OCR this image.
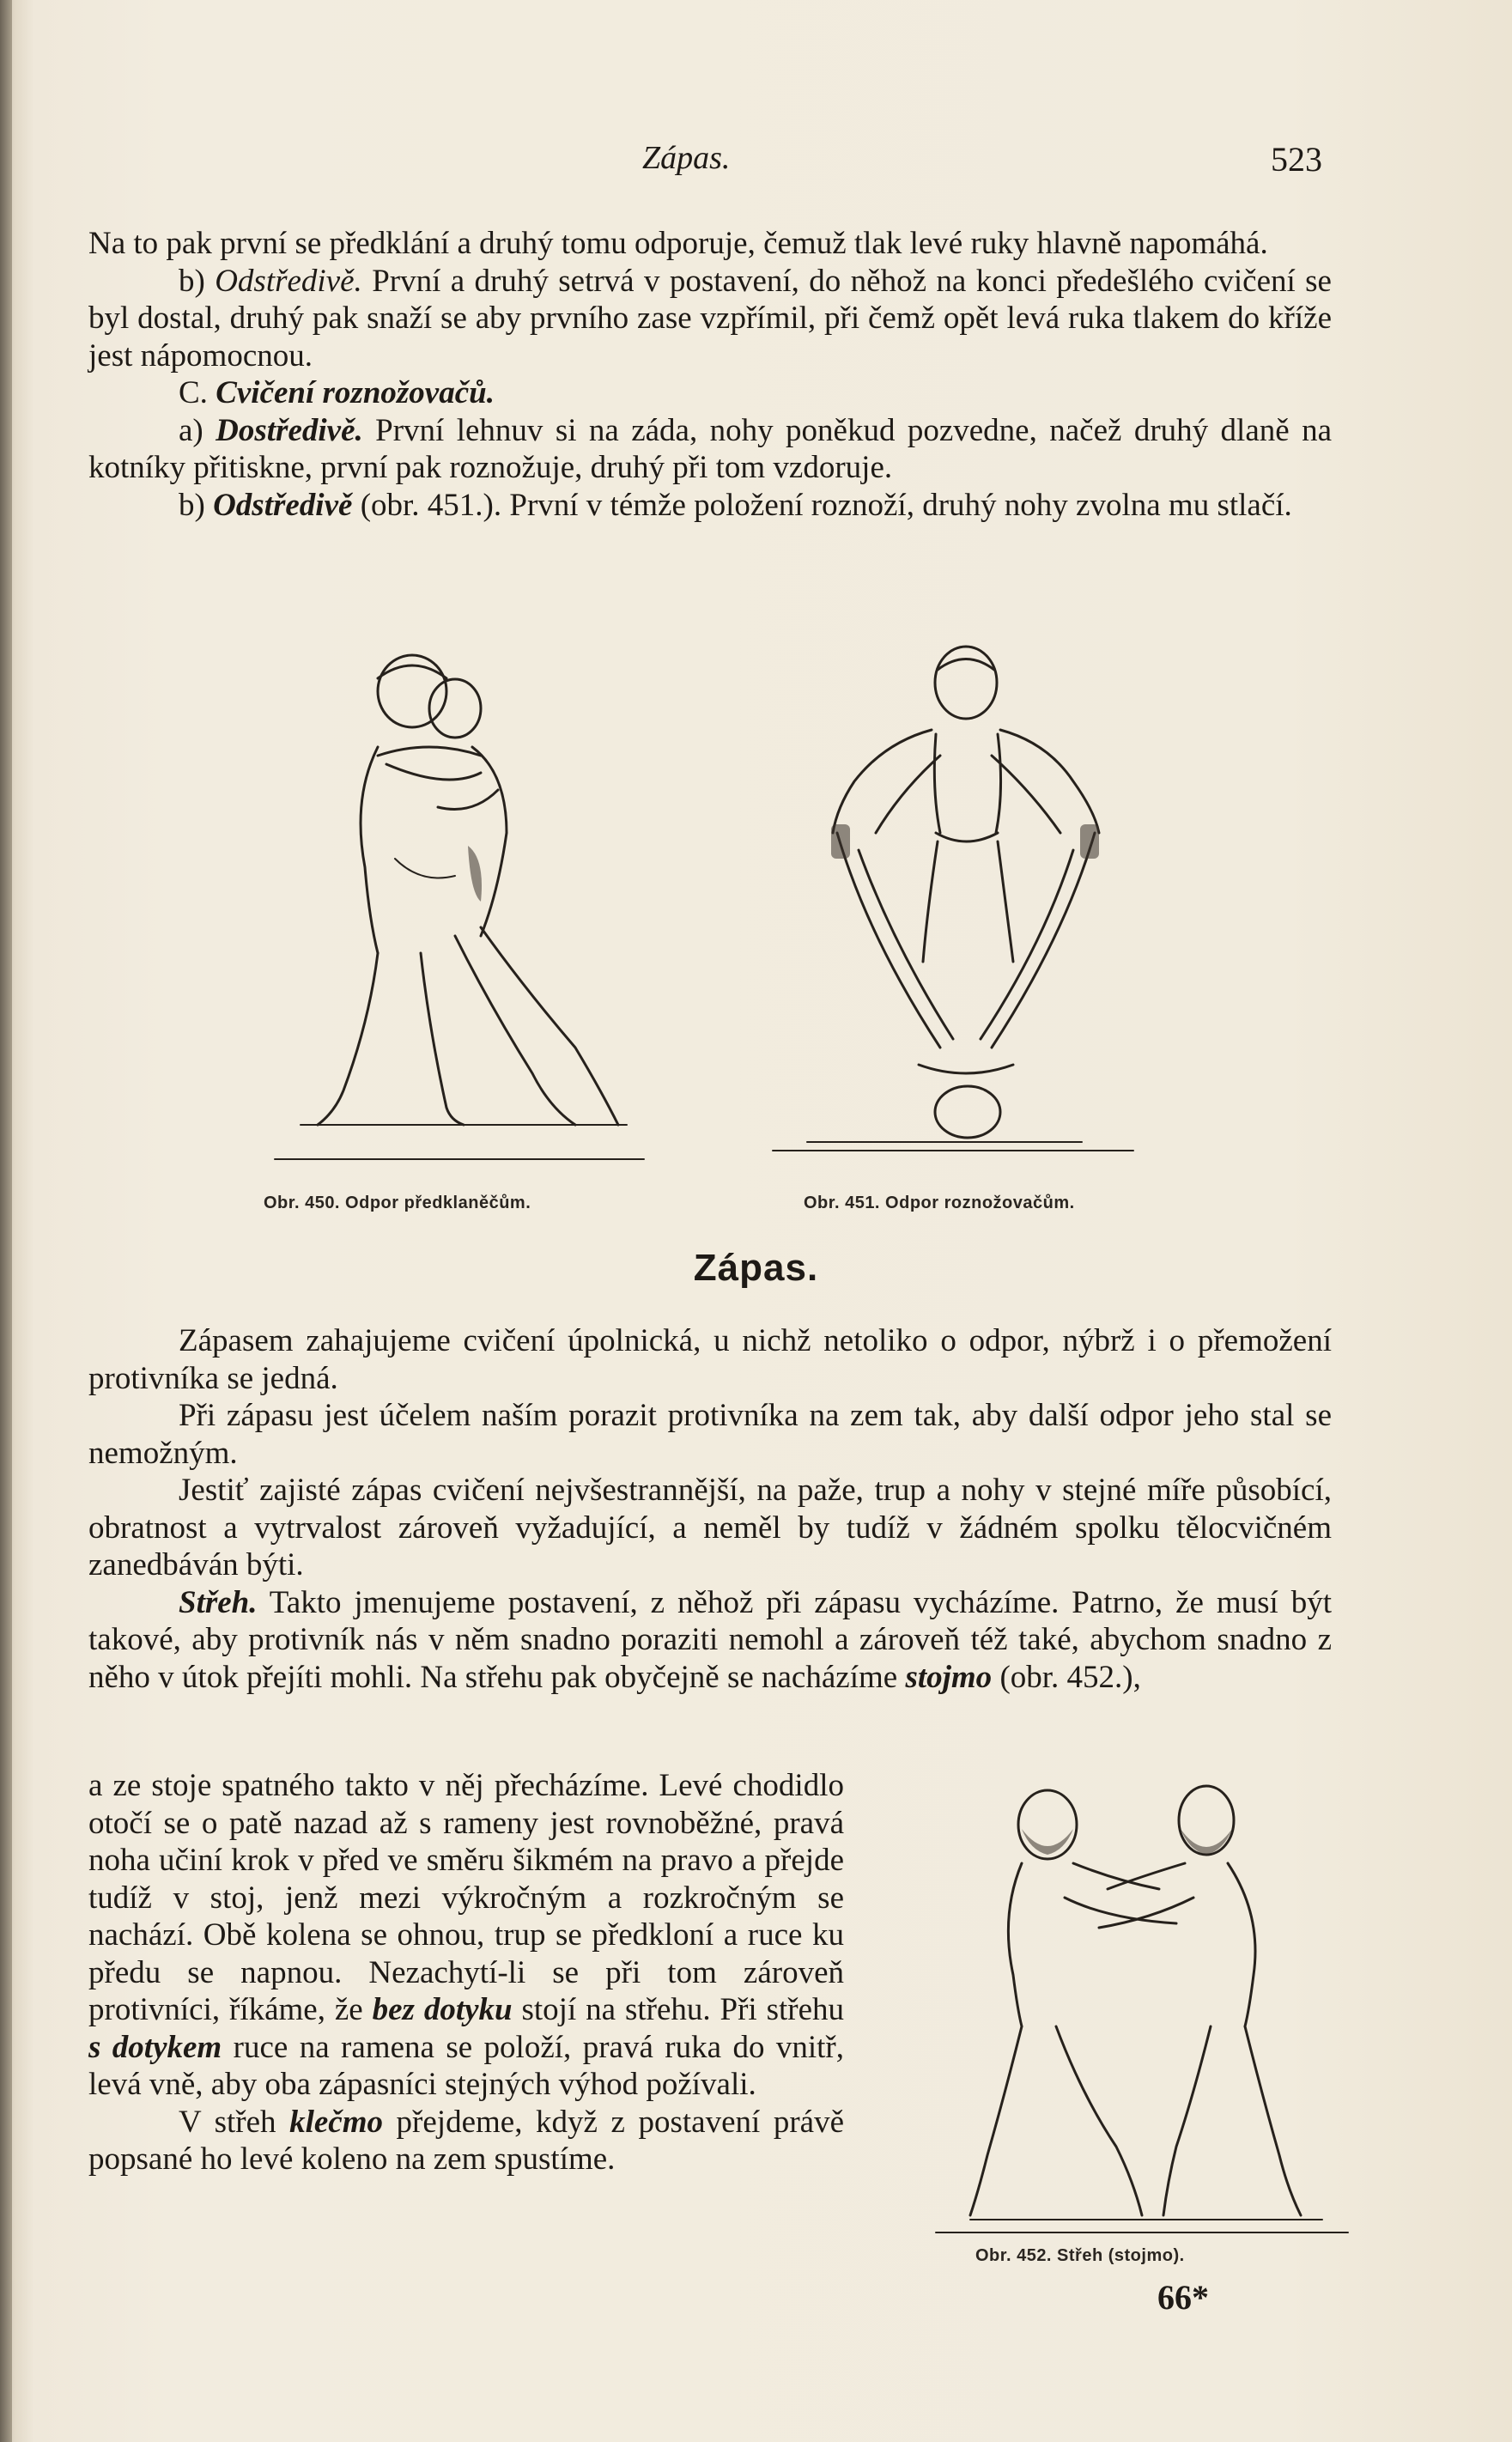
Zápas.	523

Na to pak první se předklání a druhý tomu odporuje, čemuž tlak levé ruky hlavně napomáhá.

b) Odstředivě. První a druhý setrvá v postavení, do něhož na konci předešlého cvičení se byl dostal, druhý pak snaží se aby prvního zase vzpřímil, při čemž opět levá ruka tlakem do kříže jest nápomocnou.

C. Cvičení roznožovačů.

a) Dostředivě. První lehnuv si na záda, nohy poněkud pozvedne, načež druhý dlaně na kotníky přitiskne, první pak roznožuje, druhý při tom vzdoruje.

b) Odstředivě (obr. 451.). První v témže položení roznoží, druhý nohy zvolna mu stlačí.

Obr. 450. Odpor předklaněčům.	Obr. 451. Odpor roznožovačům.
Zápas.

Zápasem zahajujeme cvičení úpolnická, u nichž netoliko o odpor, nýbrž i o přemožení protivníka se jedná.

Při zápasu jest účelem naším porazit protivníka na zem tak, aby další odpor jeho stal se nemožným.

Jestiť zajisté zápas cvičení nejvšestrannější, na paže, trup a nohy v stejné míře působící, obratnost a vytrvalost zároveň vyžadující, a neměl by tudíž v žádném spolku tělocvičném zanedbáván býti.

Střeh. Takto jmenujeme postavení, z něhož při zápasu vycházíme. Patrno, že musí být takové, aby protivník nás v něm snadno poraziti nemohl a zároveň též také, abychom snadno z něho v útok přejíti mohli. Na střehu pak obyčejně se nacházíme stojmo (obr. 452.),

a ze stoje spatného takto v něj přecházíme. Levé chodidlo otočí se o patě nazad až s rameny jest rovnoběžné, pravá noha učiní krok v před ve směru šikmém na pravo a přejde tudíž v stoj, jenž mezi výkročným a rozkročným se nachází. Obě kolena se ohnou, trup se předkloní a ruce ku předu se napnou. Nezachytí-li se při tom zároveň protivníci, říkáme, že bez dotyku stojí na střehu. Při střehu s dotykem ruce na ramena se položí, pravá ruka do vnitř, levá vně, aby oba zápasníci stejných výhod požívali.

V střeh klečmo přejdeme, když z postavení právě popsané ho levé koleno na zem spustíme.

Obr. 452. Střeh (stojmo).
66*
